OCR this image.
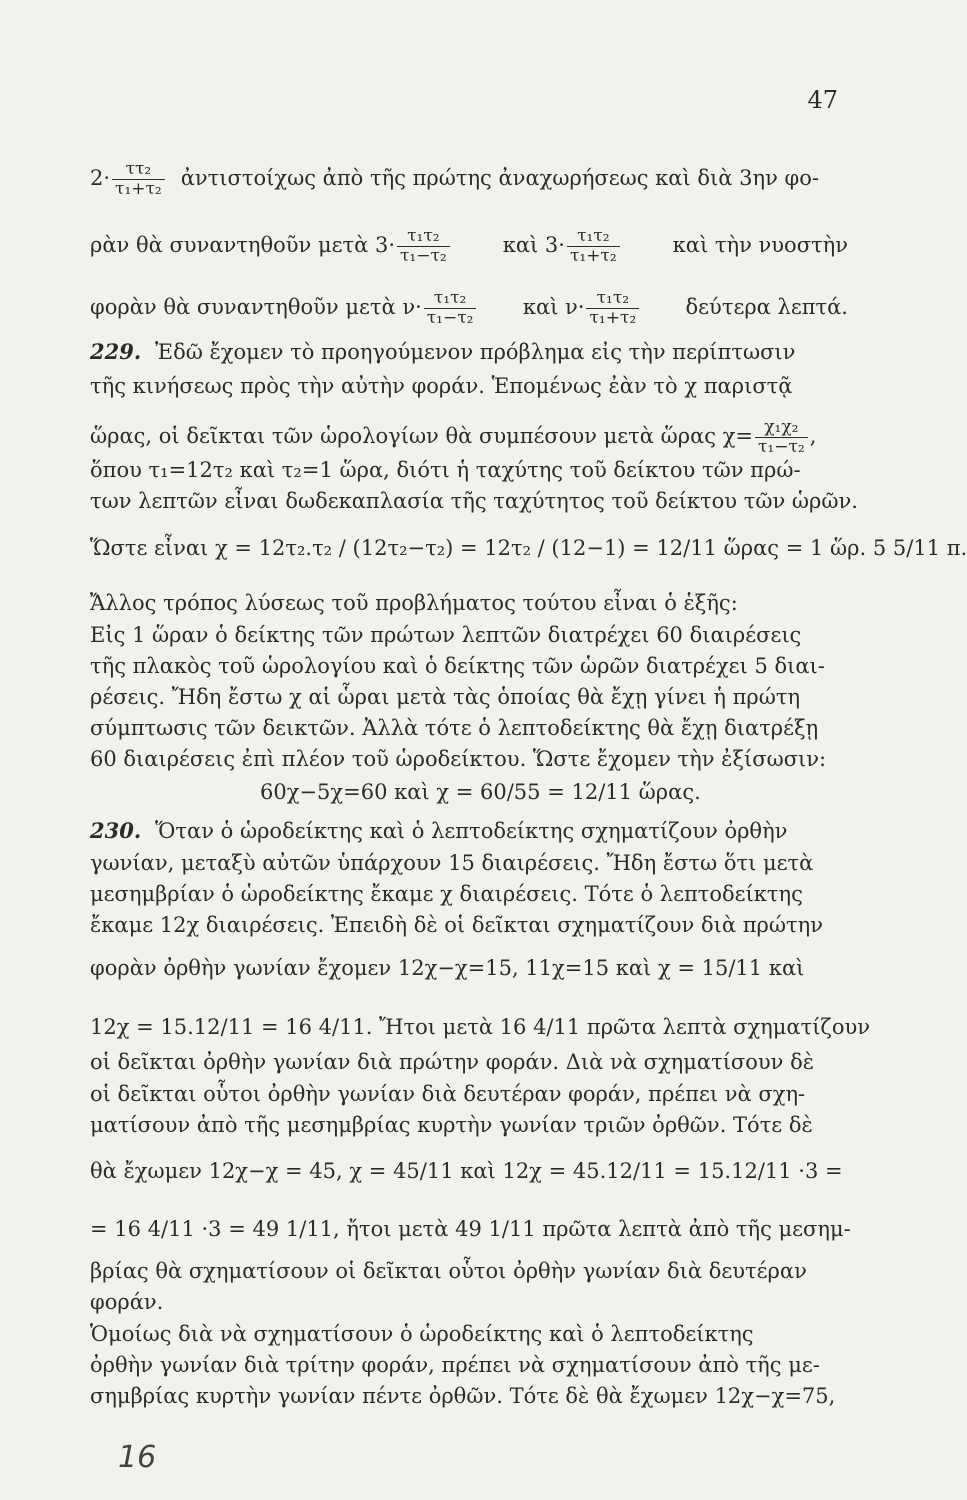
47
$2\cdot \frac{\text{ττ₂}}{\text{τ₁+τ₂}}$ ἀντιστοίχως ἀπὸ τῆς πρώτης ἀναχωρήσεως καὶ διὰ 3ην φο-
ρὰν θὰ συναντηθοῦν μετὰ $3\cdot \frac{\text{τ₁τ₂}}{\text{τ₁−τ₂}}$	καὶ $3\cdot \frac{\text{τ₁τ₂}}{\text{τ₁+τ₂}}$	καὶ τὴν νυοστὴν
φορὰν θὰ συναντηθοῦν μετὰ $\nu\cdot \frac{\text{τ₁τ₂}}{\text{τ₁−τ₂}}$ καὶ $\nu\cdot \frac{\text{τ₁τ₂}}{\text{τ₁+τ₂}}$ δεύτερα λεπτά.
229. Ἐδῶ ἔχομεν τὸ προηγούμενον πρόβλημα εἰς τὴν περίπτωσιν
τῆς κινήσεως πρὸς τὴν αὐτὴν φοράν. Ἑπομένως ἐὰν τὸ χ παριστᾷ
ὥρας, οἱ δεῖκται τῶν ὡρολογίων θὰ συμπέσουν μετὰ ὥρας $\chi= \frac{\text{χ₁χ₂}}{\text{τ₁−τ₂}}$ ,
ὅπου τ₁=12τ₂ καὶ τ₂=1 ὥρα, διότι ἡ ταχύτης τοῦ δείκτου τῶν πρώ-
των λεπτῶν εἶναι δωδεκαπλασία τῆς ταχύτητος τοῦ δείκτου τῶν ὡρῶν.
Ὥστε εἶναι χ = 12τ₂.τ₂ / (12τ₂−τ₂) = 12τ₂ / (12−1) = 12/11 ὥρας = 1 ὥρ. 5 5/11 π.
Ἄλλος τρόπος λύσεως τοῦ προβλήματος τούτου εἶναι ὁ ἑξῆς:
Εἰς 1 ὥραν ὁ δείκτης τῶν πρώτων λεπτῶν διατρέχει 60 διαιρέσεις
τῆς πλακὸς τοῦ ὡρολογίου καὶ ὁ δείκτης τῶν ὡρῶν διατρέχει 5 διαι-
ρέσεις. Ἤδη ἔστω χ αἱ ὧραι μετὰ τὰς ὁποίας θὰ ἔχῃ γίνει ἡ πρώτη
σύμπτωσις τῶν δεικτῶν. Ἀλλὰ τότε ὁ λεπτοδείκτης θὰ ἔχῃ διατρέξῃ
60 διαιρέσεις ἐπὶ πλέον τοῦ ὡροδείκτου. Ὥστε ἔχομεν τὴν ἐξίσωσιν:
60χ−5χ=60 καὶ χ = 60/55 = 12/11 ὥρας.
230. Ὅταν ὁ ὡροδείκτης καὶ ὁ λεπτοδείκτης σχηματίζουν ὀρθὴν
γωνίαν, μεταξὺ αὐτῶν ὑπάρχουν 15 διαιρέσεις. Ἤδη ἔστω ὅτι μετὰ
μεσημβρίαν ὁ ὡροδείκτης ἔκαμε χ διαιρέσεις. Τότε ὁ λεπτοδείκτης
ἔκαμε 12χ διαιρέσεις. Ἐπειδὴ δὲ οἱ δεῖκται σχηματίζουν διὰ πρώτην
φορὰν ὀρθὴν γωνίαν ἔχομεν 12χ−χ=15, 11χ=15 καὶ χ = 15/11 καὶ
12χ = 15.12/11 = 16 4/11. Ἤτοι μετὰ 16 4/11 πρῶτα λεπτὰ σχηματίζουν
οἱ δεῖκται ὀρθὴν γωνίαν διὰ πρώτην φοράν. Διὰ νὰ σχηματίσουν δὲ
οἱ δεῖκται οὗτοι ὀρθὴν γωνίαν διὰ δευτέραν φοράν, πρέπει νὰ σχη-
ματίσουν ἀπὸ τῆς μεσημβρίας κυρτὴν γωνίαν τριῶν ὀρθῶν. Τότε δὲ
θὰ ἔχωμεν 12χ−χ = 45, χ = 45/11 καὶ 12χ = 45.12/11 = 15.12/11 ·3 =
= 16 4/11 ·3 = 49 1/11, ἤτοι μετὰ 49 1/11 πρῶτα λεπτὰ ἀπὸ τῆς μεσημ-
βρίας θὰ σχηματίσουν οἱ δεῖκται οὗτοι ὀρθὴν γωνίαν διὰ δευτέραν
φοράν.
Ὁμοίως διὰ νὰ σχηματίσουν ὁ ὡροδείκτης καὶ ὁ λεπτοδείκτης
ὀρθὴν γωνίαν διὰ τρίτην φοράν, πρέπει νὰ σχηματίσουν ἀπὸ τῆς με-
σημβρίας κυρτὴν γωνίαν πέντε ὀρθῶν. Τότε δὲ θὰ ἔχωμεν 12χ−χ=75,
16
